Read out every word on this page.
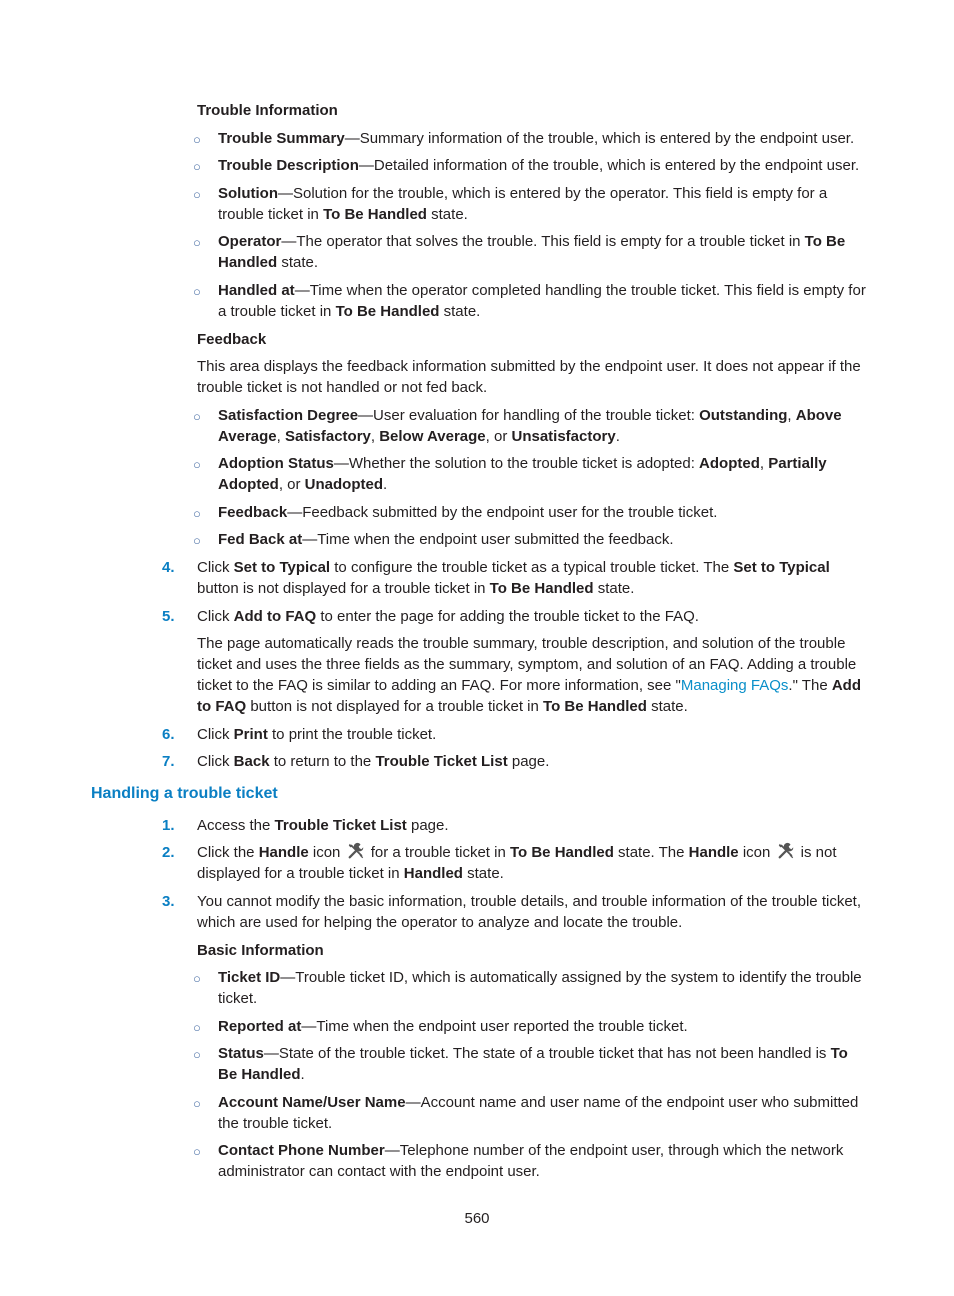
Trouble Information
○ Trouble Summary—Summary information of the trouble, which is entered by the endpoint user.
○ Trouble Description—Detailed information of the trouble, which is entered by the endpoint user.
○ Solution—Solution for the trouble, which is entered by the operator. This field is empty for a trouble ticket in To Be Handled state.
○ Operator—The operator that solves the trouble. This field is empty for a trouble ticket in To Be Handled state.
○ Handled at—Time when the operator completed handling the trouble ticket. This field is empty for a trouble ticket in To Be Handled state.
Feedback
This area displays the feedback information submitted by the endpoint user. It does not appear if the trouble ticket is not handled or not fed back.
○ Satisfaction Degree—User evaluation for handling of the trouble ticket: Outstanding, Above Average, Satisfactory, Below Average, or Unsatisfactory.
○ Adoption Status—Whether the solution to the trouble ticket is adopted: Adopted, Partially Adopted, or Unadopted.
○ Feedback—Feedback submitted by the endpoint user for the trouble ticket.
○ Fed Back at—Time when the endpoint user submitted the feedback.
4. Click Set to Typical to configure the trouble ticket as a typical trouble ticket. The Set to Typical button is not displayed for a trouble ticket in To Be Handled state.
5. Click Add to FAQ to enter the page for adding the trouble ticket to the FAQ.
The page automatically reads the trouble summary, trouble description, and solution of the trouble ticket and uses the three fields as the summary, symptom, and solution of an FAQ. Adding a trouble ticket to the FAQ is similar to adding an FAQ. For more information, see "Managing FAQs." The Add to FAQ button is not displayed for a trouble ticket in To Be Handled state.
6. Click Print to print the trouble ticket.
7. Click Back to return to the Trouble Ticket List page.
Handling a trouble ticket
1. Access the Trouble Ticket List page.
2. Click the Handle icon  for a trouble ticket in To Be Handled state. The Handle icon  is not displayed for a trouble ticket in Handled state.
3. You cannot modify the basic information, trouble details, and trouble information of the trouble ticket, which are used for helping the operator to analyze and locate the trouble.
Basic Information
○ Ticket ID—Trouble ticket ID, which is automatically assigned by the system to identify the trouble ticket.
○ Reported at—Time when the endpoint user reported the trouble ticket.
○ Status—State of the trouble ticket. The state of a trouble ticket that has not been handled is To Be Handled.
○ Account Name/User Name—Account name and user name of the endpoint user who submitted the trouble ticket.
○ Contact Phone Number—Telephone number of the endpoint user, through which the network administrator can contact with the endpoint user.
560
